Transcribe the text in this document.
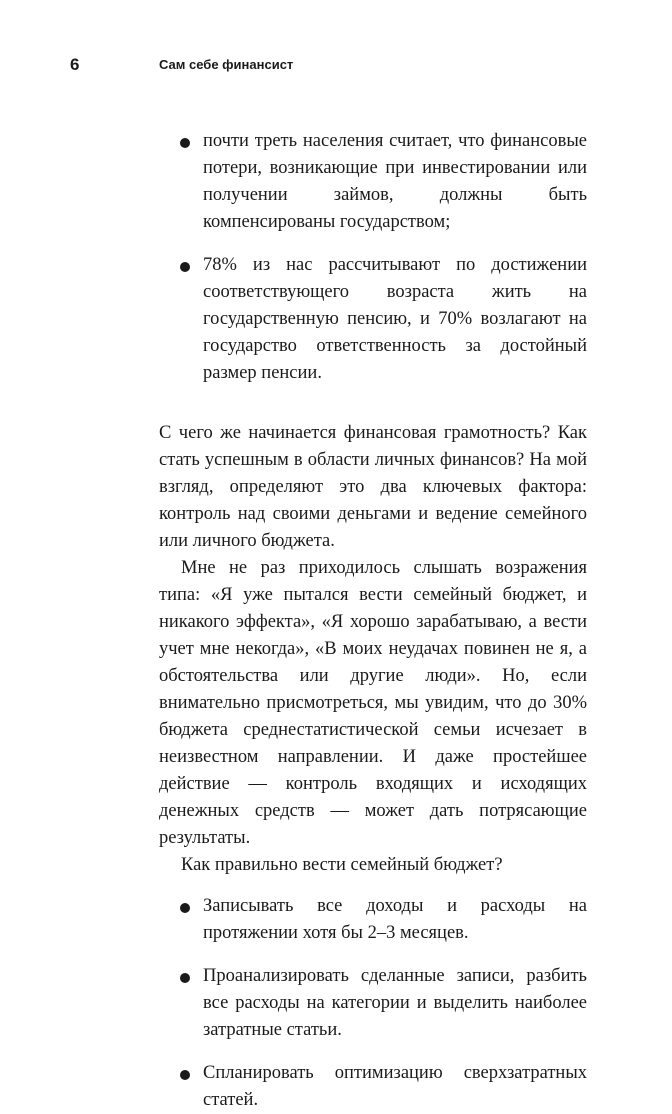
6	Сам себе финансист
почти треть населения считает, что финансовые потери, возникающие при инвестировании или получении займов, должны быть компенсированы государством;
78% из нас рассчитывают по достижении соответствующего возраста жить на государственную пенсию, и 70% возлагают на государство ответственность за достойный размер пенсии.

С чего же начинается финансовая грамотность? Как стать успешным в области личных финансов? На мой взгляд, определяют это два ключевых фактора: контроль над своими деньгами и ведение семейного или личного бюджета.

Мне не раз приходилось слышать возражения типа: «Я уже пытался вести семейный бюджет, и никакого эффекта», «Я хорошо зарабатываю, а вести учет мне некогда», «В моих неудачах повинен не я, а обстоятельства или другие люди». Но, если внимательно присмотреться, мы увидим, что до 30% бюджета среднестатистической семьи исчезает в неизвестном направлении. И даже простейшее действие — контроль входящих и исходящих денежных средств — может дать потрясающие результаты.

Как правильно вести семейный бюджет?

Записывать все доходы и расходы на протяжении хотя бы 2–3 месяцев.
Проанализировать сделанные записи, разбить все расходы на категории и выделить наиболее затратные статьи.
Спланировать оптимизацию сверхзатратных статей.
